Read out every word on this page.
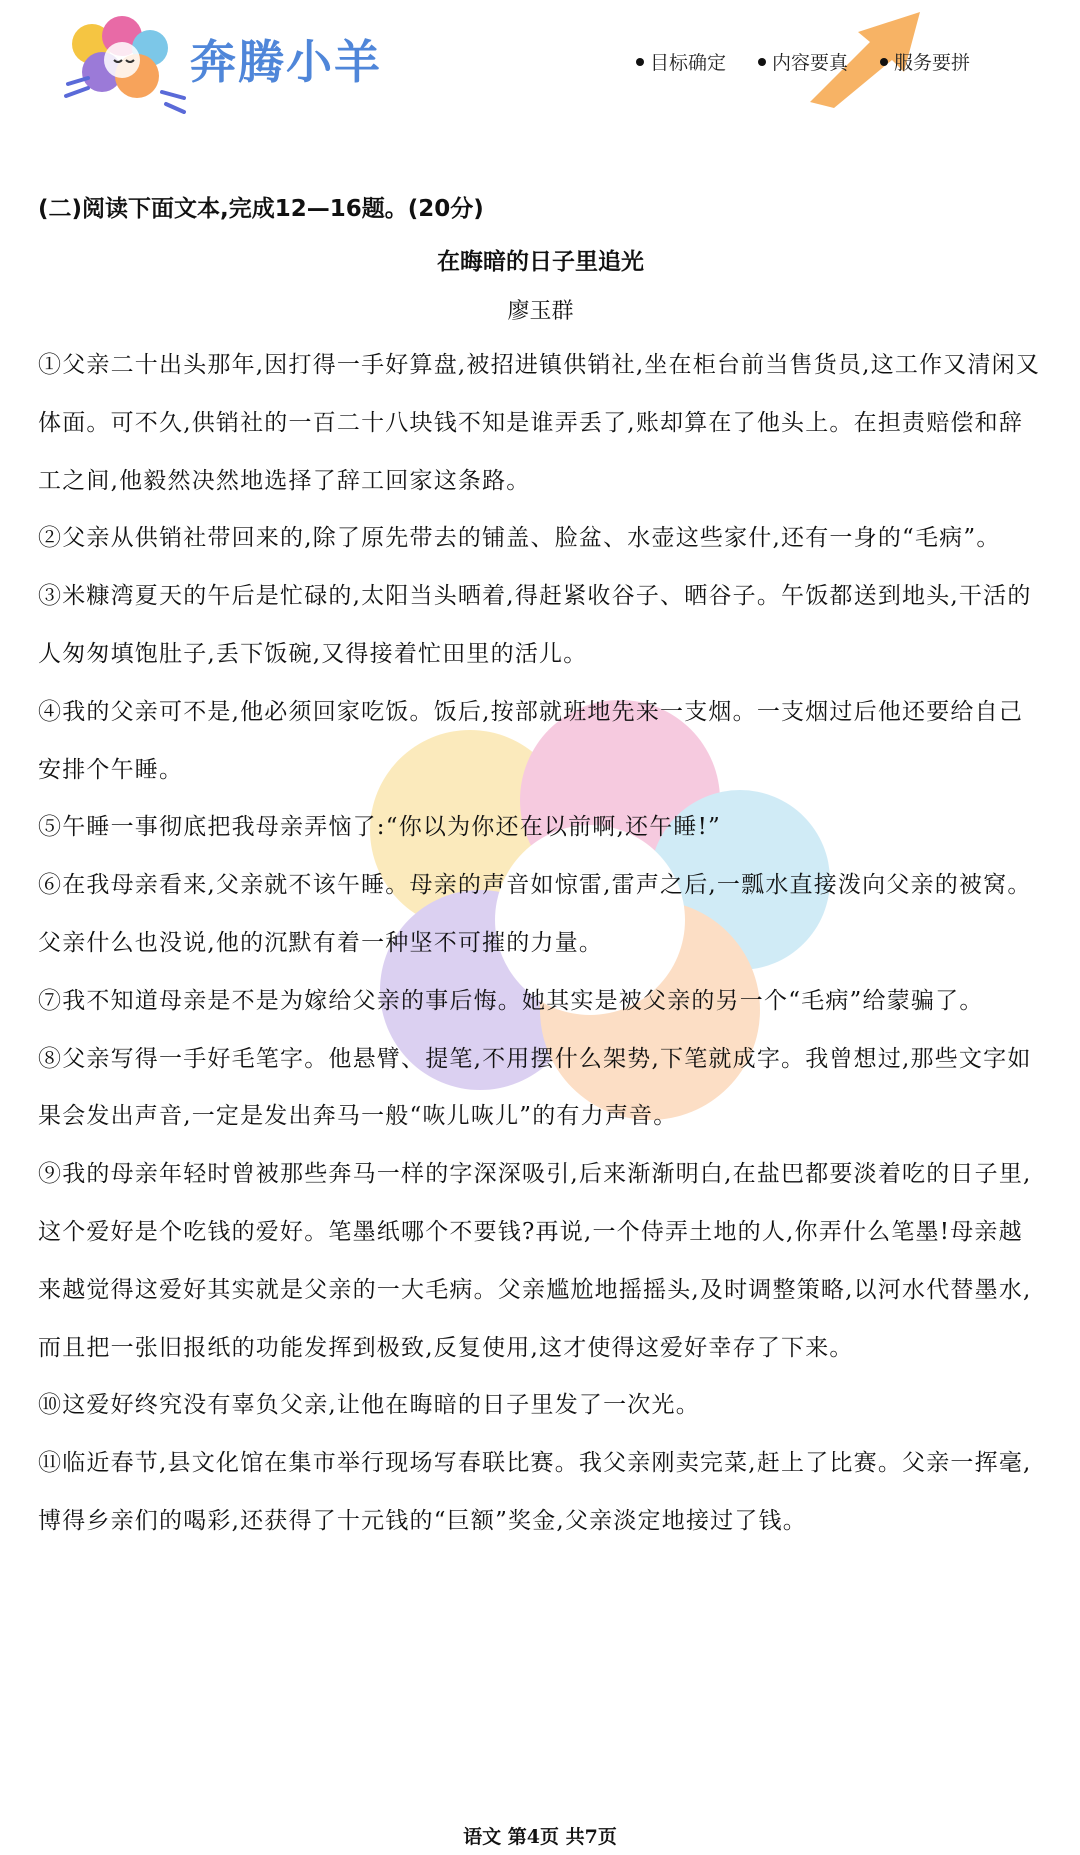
奔腾小羊	目标确定 内容要真 服务要拼

(二)阅读下面文本,完成12—16题。(20分)

在晦暗的日子里追光

廖玉群

①父亲二十出头那年,因打得一手好算盘,被招进镇供销社,坐在柜台前当售货员,这工作又清闲又体面。可不久,供销社的一百二十八块钱不知是谁弄丢了,账却算在了他头上。在担责赔偿和辞工之间,他毅然决然地选择了辞工回家这条路。

②父亲从供销社带回来的,除了原先带去的铺盖、脸盆、水壶这些家什,还有一身的“毛病”。

③米糠湾夏天的午后是忙碌的,太阳当头晒着,得赶紧收谷子、晒谷子。午饭都送到地头,干活的人匆匆填饱肚子,丢下饭碗,又得接着忙田里的活儿。

④我的父亲可不是,他必须回家吃饭。饭后,按部就班地先来一支烟。一支烟过后他还要给自己安排个午睡。

⑤午睡一事彻底把我母亲弄恼了:“你以为你还在以前啊,还午睡!”

⑥在我母亲看来,父亲就不该午睡。母亲的声音如惊雷,雷声之后,一瓢水直接泼向父亲的被窝。父亲什么也没说,他的沉默有着一种坚不可摧的力量。

⑦我不知道母亲是不是为嫁给父亲的事后悔。她其实是被父亲的另一个“毛病”给蒙骗了。

⑧父亲写得一手好毛笔字。他悬臂、提笔,不用摆什么架势,下笔就成字。我曾想过,那些文字如果会发出声音,一定是发出奔马一般“咴儿咴儿”的有力声音。

⑨我的母亲年轻时曾被那些奔马一样的字深深吸引,后来渐渐明白,在盐巴都要淡着吃的日子里,这个爱好是个吃钱的爱好。笔墨纸哪个不要钱?再说,一个侍弄土地的人,你弄什么笔墨!母亲越来越觉得这爱好其实就是父亲的一大毛病。父亲尴尬地摇摇头,及时调整策略,以河水代替墨水,而且把一张旧报纸的功能发挥到极致,反复使用,这才使得这爱好幸存了下来。

⑩这爱好终究没有辜负父亲,让他在晦暗的日子里发了一次光。

⑪临近春节,县文化馆在集市举行现场写春联比赛。我父亲刚卖完菜,赶上了比赛。父亲一挥毫,博得乡亲们的喝彩,还获得了十元钱的“巨额”奖金,父亲淡定地接过了钱。

语文 第4页 共7页
